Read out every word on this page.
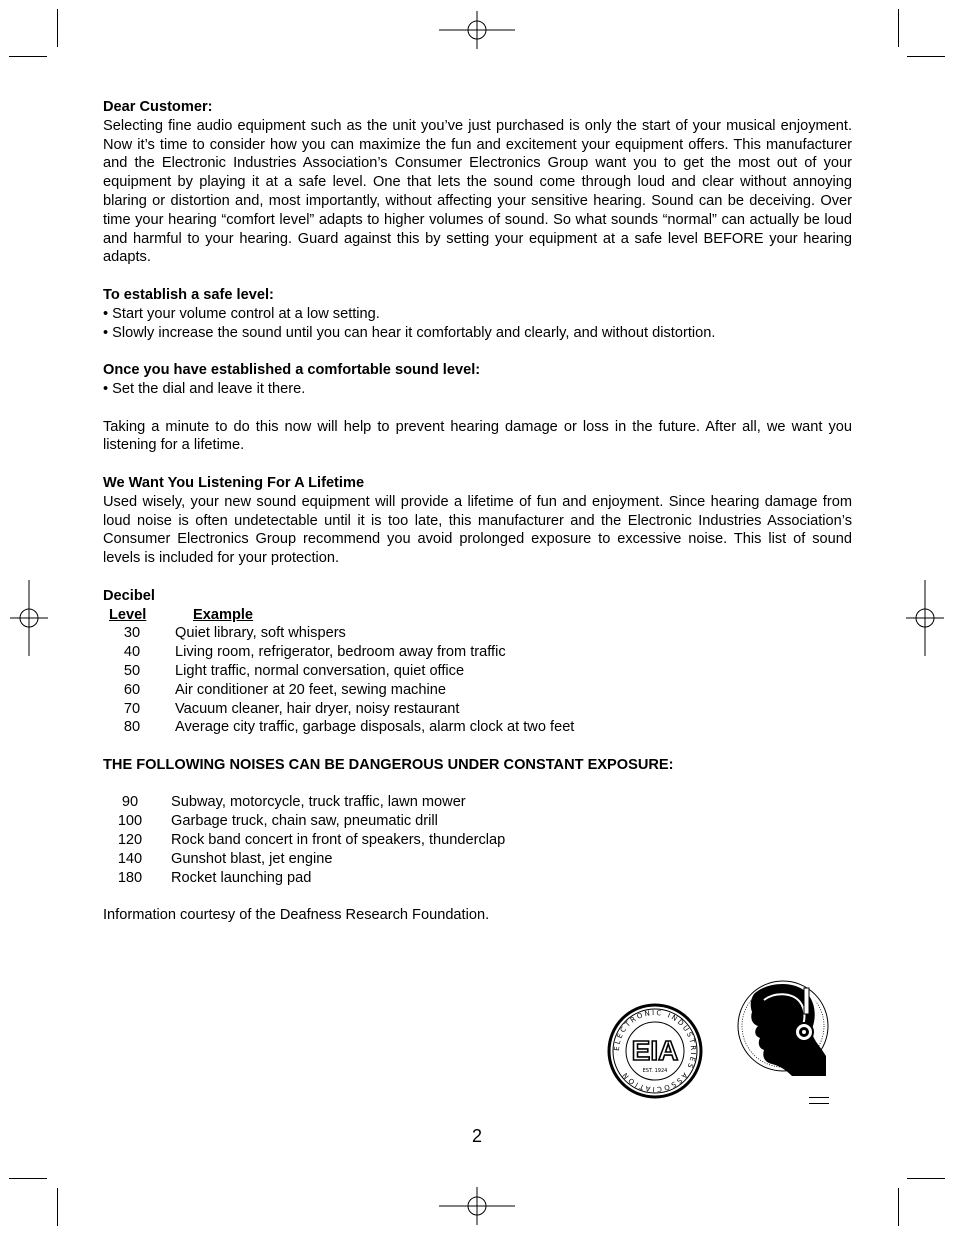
Dear Customer:

Selecting fine audio equipment such as the unit you’ve just purchased is only the start of your musical enjoyment. Now it’s time to consider how you can maximize the fun and excitement your equipment offers. This manufacturer and the Electronic Industries Association’s Consumer Electronics Group want you to get the most out of your equipment by playing it at a safe level. One that lets the sound come through loud and clear without annoying blaring or distortion and, most importantly, without affecting your sensitive hearing. Sound can be deceiving. Over time your hearing “comfort level” adapts to higher volumes of sound. So what sounds “normal” can actually be loud and harmful to your hearing. Guard against this by setting your equipment at a safe level BEFORE your hearing adapts.

To establish a safe level:

• Start your volume control at a low setting.

• Slowly increase the sound until you can hear it comfortably and clearly, and without distortion.

Once you have established a comfortable sound level:

• Set the dial and leave it there.

Taking a minute to do this now will help to prevent hearing damage or loss in the future. After all, we want you listening for a lifetime.

We Want You Listening For A Lifetime

Used wisely, your new sound equipment will provide a lifetime of fun and enjoyment. Since hearing damage from loud noise is often undetectable until it is too late, this manufacturer and the Electronic Industries Association’s Consumer Electronics Group recommend you avoid prolonged exposure to excessive noise. This list of sound levels is included for your protection.

Decibel

Level	Example
30	Quiet library, soft whispers
40	Living room, refrigerator, bedroom away from traffic
50	Light traffic, normal conversation, quiet office
60	Air conditioner at 20 feet, sewing machine
70	Vacuum cleaner, hair dryer, noisy restaurant
80	Average city traffic, garbage disposals, alarm clock at two feet

THE FOLLOWING NOISES CAN BE DANGEROUS UNDER CONSTANT EXPOSURE:

90	Subway, motorcycle, truck traffic, lawn mower
100	Garbage truck, chain saw, pneumatic drill
120	Rock band concert in front of speakers, thunderclap
140	Gunshot blast, jet engine
180	Rocket launching pad

Information courtesy of the Deafness Research Foundation.

ELECTRONIC INDUSTRIES ASSOCIATION
EIA
EST. 1924
2
